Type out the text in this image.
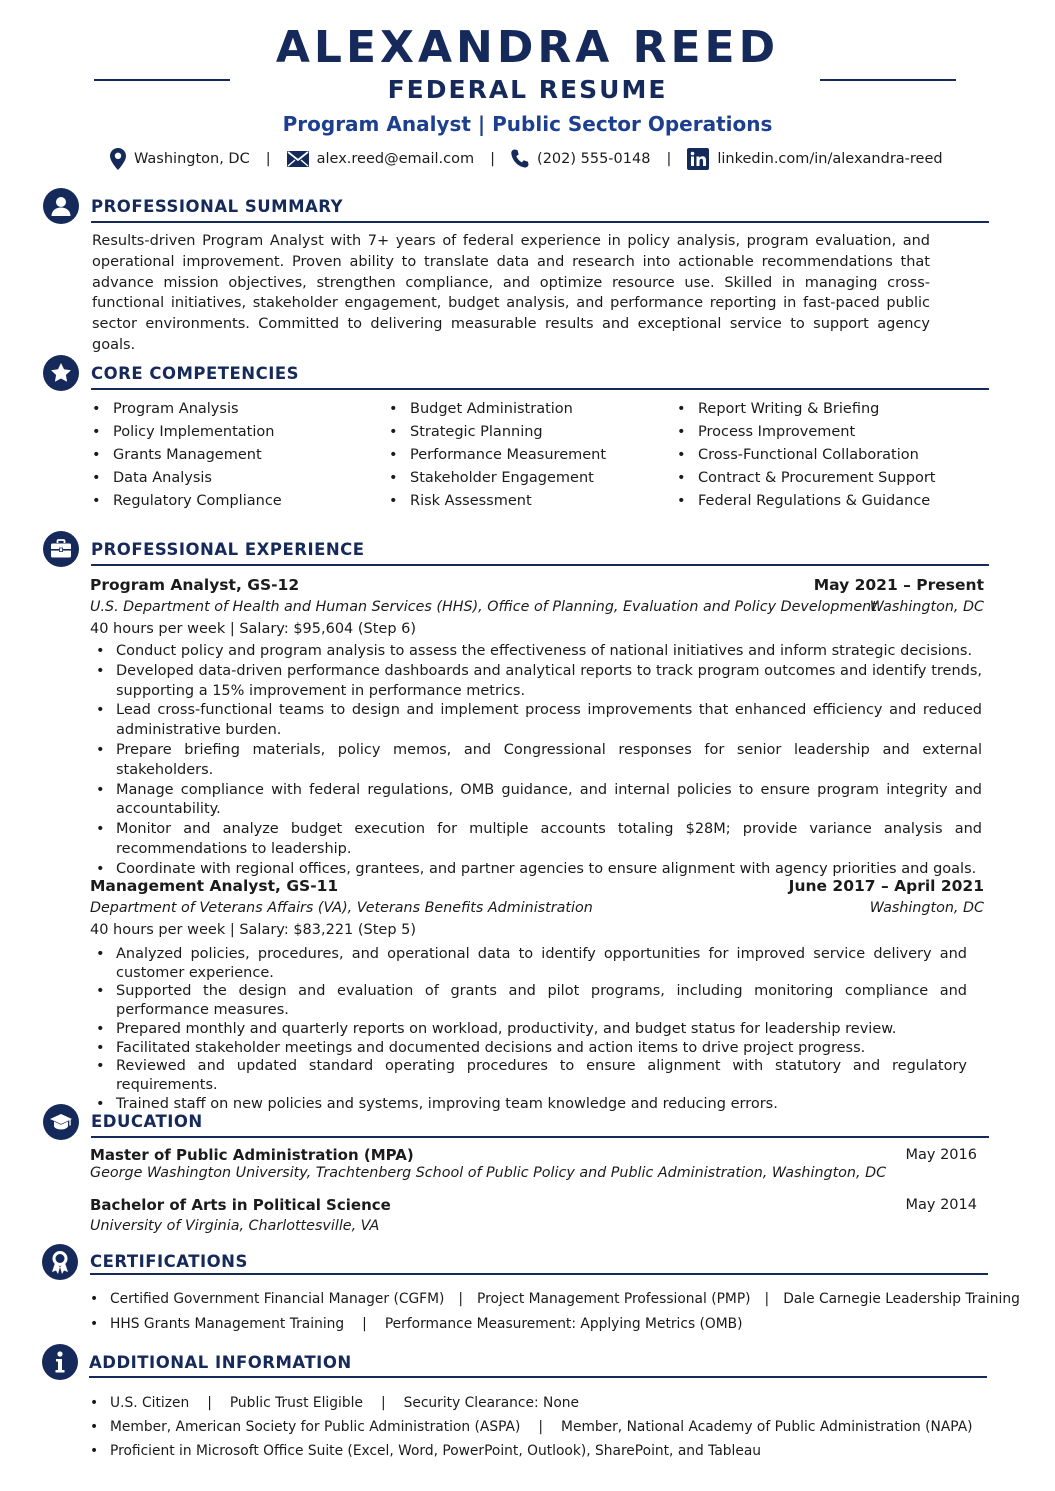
ALEXANDRA REED
FEDERAL RESUME
Program Analyst | Public Sector Operations
Washington, DC |	alex.reed@email.com |	(202) 555-0148 |	linkedin.com/in/alexandra-reed
PROFESSIONAL SUMMARY
Results-driven Program Analyst with 7+ years of federal experience in policy analysis, program evaluation, and operational improvement. Proven ability to translate data and research into actionable recommendations that advance mission objectives, strengthen compliance, and optimize resource use. Skilled in managing cross-functional initiatives, stakeholder engagement, budget analysis, and performance reporting in fast-paced public sector environments. Committed to delivering measurable results and exceptional service to support agency goals.
CORE COMPETENCIES
• Program Analysis
• Policy Implementation
• Grants Management
• Data Analysis
• Regulatory Compliance
• Budget Administration
• Strategic Planning
• Performance Measurement
• Stakeholder Engagement
• Risk Assessment
• Report Writing & Briefing
• Process Improvement
• Cross-Functional Collaboration
• Contract & Procurement Support
• Federal Regulations & Guidance
PROFESSIONAL EXPERIENCE
Program Analyst, GS-12	May 2021 – Present
U.S. Department of Health and Human Services (HHS), Office of Planning, Evaluation and Policy Development
Washington, DC
40 hours per week | Salary: $95,604 (Step 6)
• Conduct policy and program analysis to assess the effectiveness of national initiatives and inform strategic decisions.
• Developed data-driven performance dashboards and analytical reports to track program outcomes and identify trends, supporting a 15% improvement in performance metrics.
• Lead cross-functional teams to design and implement process improvements that enhanced efficiency and reduced administrative burden.
• Prepare briefing materials, policy memos, and Congressional responses for senior leadership and external stakeholders.
• Manage compliance with federal regulations, OMB guidance, and internal policies to ensure program integrity and accountability.
• Monitor and analyze budget execution for multiple accounts totaling $28M; provide variance analysis and recommendations to leadership.
• Coordinate with regional offices, grantees, and partner agencies to ensure alignment with agency priorities and goals.
Management Analyst, GS-11	June 2017 – April 2021
Department of Veterans Affairs (VA), Veterans Benefits Administration	Washington, DC
40 hours per week | Salary: $83,221 (Step 5)
• Analyzed policies, procedures, and operational data to identify opportunities for improved service delivery and customer experience.
• Supported the design and evaluation of grants and pilot programs, including monitoring compliance and performance measures.
• Prepared monthly and quarterly reports on workload, productivity, and budget status for leadership review.
• Facilitated stakeholder meetings and documented decisions and action items to drive project progress.
• Reviewed and updated standard operating procedures to ensure alignment with statutory and regulatory requirements.
• Trained staff on new policies and systems, improving team knowledge and reducing errors.
EDUCATION
Master of Public Administration (MPA)	May 2016
George Washington University, Trachtenberg School of Public Policy and Public Administration, Washington, DC
Bachelor of Arts in Political Science	May 2014
University of Virginia, Charlottesville, VA
CERTIFICATIONS
• Certified Government Financial Manager (CGFM) | Project Management Professional (PMP) | Dale Carnegie Leadership Training
• HHS Grants Management Training | Performance Measurement: Applying Metrics (OMB)
ADDITIONAL INFORMATION
• U.S. Citizen | Public Trust Eligible | Security Clearance: None
• Member, American Society for Public Administration (ASPA) | Member, National Academy of Public Administration (NAPA)
• Proficient in Microsoft Office Suite (Excel, Word, PowerPoint, Outlook), SharePoint, and Tableau
